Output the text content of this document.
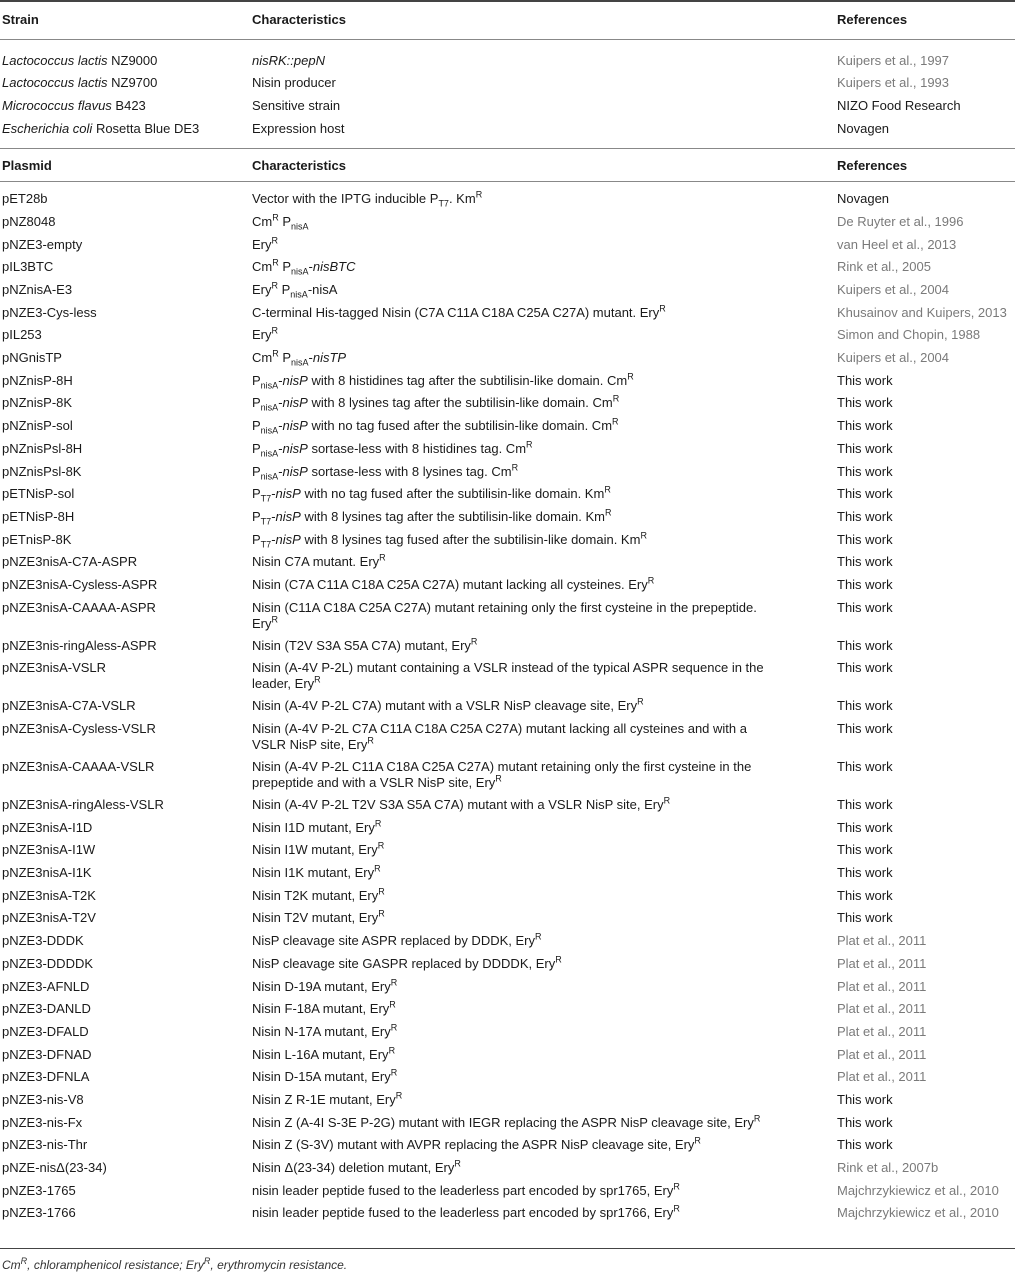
Strain	Characteristics	References

Lactococcus lactis NZ9000	nisRK::pepN	Kuipers et al., 1997
Lactococcus lactis NZ9700	Nisin producer	Kuipers et al., 1993
Micrococcus flavus B423	Sensitive strain	NIZO Food Research
Escherichia coli Rosetta Blue DE3	Expression host	Novagen

Plasmid	Characteristics	References

pET28b	Vector with the IPTG inducible $P_{T7}$. $Km^R$	Novagen
pNZ8048	$Cm^R$ $P_{nisA}$	De Ruyter et al., 1996
pNZE3-empty	Ery$^R$	van Heel et al., 2013
pIL3BTC	$Cm^R$ $P_{nisA}$-nisBTC	Rink et al., 2005
pNZnisA-E3	Ery$^R$ $P_{nisA}$-nisA	Kuipers et al., 2004
pNZE3-Cys-less	C-terminal His-tagged Nisin (C7A C11A C18A C25A C27A) mutant. Ery$^R$	Khusainov and Kuipers, 2013
pIL253	Ery$^R$	Simon and Chopin, 1988
pNGnisTP	$Cm^R$ $P_{nisA}$-nisTP	Kuipers et al., 2004
pNZnisP-8H	$P_{nisA}$-nisP with 8 histidines tag after the subtilisin-like domain. $Cm^R$	This work
pNZnisP-8K	$P_{nisA}$-nisP with 8 lysines tag after the subtilisin-like domain. $Cm^R$	This work
pNZnisP-sol	$P_{nisA}$-nisP with no tag fused after the subtilisin-like domain. $Cm^R$	This work
pNZnisPsl-8H	$P_{nisA}$-nisP sortase-less with 8 histidines tag. $Cm^R$	This work
pNZnisPsl-8K	$P_{nisA}$-nisP sortase-less with 8 lysines tag. $Cm^R$	This work
pETNisP-sol	$P_{T7}$-nisP with no tag fused after the subtilisin-like domain. $Km^R$	This work
pETNisP-8H	$P_{T7}$-nisP with 8 lysines tag after the subtilisin-like domain. $Km^R$	This work
pETnisP-8K	$P_{T7}$-nisP with 8 lysines tag fused after the subtilisin-like domain. $Km^R$	This work
pNZE3nisA-C7A-ASPR	Nisin C7A mutant. Ery$^R$	This work
pNZE3nisA-Cysless-ASPR	Nisin (C7A C11A C18A C25A C27A) mutant lacking all cysteines. Ery$^R$	This work
pNZE3nisA-CAAAA-ASPR	Nisin (C11A C18A C25A C27A) mutant retaining only the first cysteine in the prepeptide.
Ery$^R$	This work
pNZE3nis-ringAless-ASPR	Nisin (T2V S3A S5A C7A) mutant, Ery$^R$	This work
pNZE3nisA-VSLR	Nisin (A-4V P-2L) mutant containing a VSLR instead of the typical ASPR sequence in the
leader, Ery$^R$	This work
pNZE3nisA-C7A-VSLR	Nisin (A-4V P-2L C7A) mutant with a VSLR NisP cleavage site, Ery$^R$	This work
pNZE3nisA-Cysless-VSLR	Nisin (A-4V P-2L C7A C11A C18A C25A C27A) mutant lacking all cysteines and with a
VSLR NisP site, Ery$^R$	This work
pNZE3nisA-CAAAA-VSLR	Nisin (A-4V P-2L C11A C18A C25A C27A) mutant retaining only the first cysteine in the
prepeptide and with a VSLR NisP site, Ery$^R$	This work
pNZE3nisA-ringAless-VSLR	Nisin (A-4V P-2L T2V S3A S5A C7A) mutant with a VSLR NisP site, Ery$^R$	This work
pNZE3nisA-I1D	Nisin I1D mutant, Ery$^R$	This work
pNZE3nisA-I1W	Nisin I1W mutant, Ery$^R$	This work
pNZE3nisA-I1K	Nisin I1K mutant, Ery$^R$	This work
pNZE3nisA-T2K	Nisin T2K mutant, Ery$^R$	This work
pNZE3nisA-T2V	Nisin T2V mutant, Ery$^R$	This work
pNZE3-DDDK	NisP cleavage site ASPR replaced by DDDK, Ery$^R$	Plat et al., 2011
pNZE3-DDDDK	NisP cleavage site GASPR replaced by DDDDK, Ery$^R$	Plat et al., 2011
pNZE3-AFNLD	Nisin D-19A mutant, Ery$^R$	Plat et al., 2011
pNZE3-DANLD	Nisin F-18A mutant, Ery$^R$	Plat et al., 2011
pNZE3-DFALD	Nisin N-17A mutant, Ery$^R$	Plat et al., 2011
pNZE3-DFNAD	Nisin L-16A mutant, Ery$^R$	Plat et al., 2011
pNZE3-DFNLA	Nisin D-15A mutant, Ery$^R$	Plat et al., 2011
pNZE3-nis-V8	Nisin Z R-1E mutant, Ery$^R$	This work
pNZE3-nis-Fx	Nisin Z (A-4I S-3E P-2G) mutant with IEGR replacing the ASPR NisP cleavage site, Ery$^R$	This work
pNZE3-nis-Thr	Nisin Z (S-3V) mutant with AVPR replacing the ASPR NisP cleavage site, Ery$^R$	This work
pNZE-nisΔ(23-34)	Nisin Δ(23-34) deletion mutant, Ery$^R$	Rink et al., 2007b
pNZE3-1765	nisin leader peptide fused to the leaderless part encoded by spr1765, Ery$^R$	Majchrzykiewicz et al., 2010
pNZE3-1766	nisin leader peptide fused to the leaderless part encoded by spr1766, Ery$^R$	Majchrzykiewicz et al., 2010
$Cm^R$, chloramphenicol resistance; Ery$^R$, erythromycin resistance.
